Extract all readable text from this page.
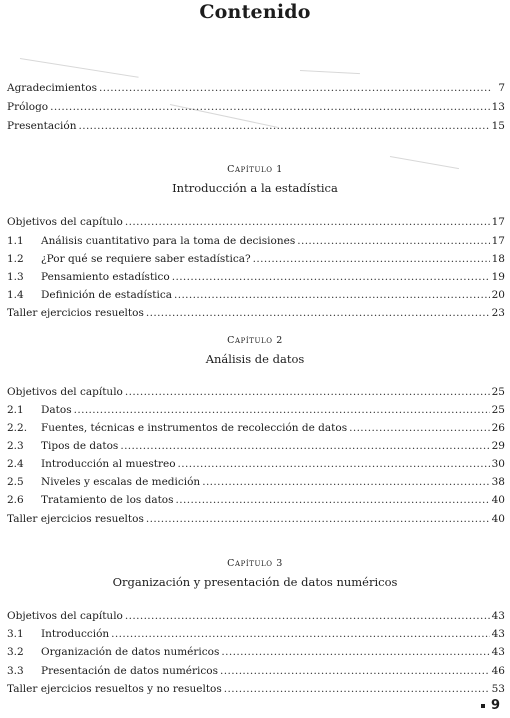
Contenido
Agradecimientos .....	7
Prólogo .....	13
Presentación .....	15
Capítulo 1
Introducción a la estadística
Objetivos del capítulo .....	17
1.1	Análisis cuantitativo para la toma de decisiones .....	17
1.2	¿Por qué se requiere saber estadística? .....	18
1.3	Pensamiento estadístico .....	19
1.4	Definición de estadística .....	20
Taller ejercicios resueltos .....	23
Capítulo 2
Análisis de datos
Objetivos del capítulo .....	25
2.1	Datos .....	25
2.2.	Fuentes, técnicas e instrumentos de recolección de datos .....	26
2.3	Tipos de datos .....	29
2.4	Introducción al muestreo .....	30
2.5	Niveles y escalas de medición .....	38
2.6	Tratamiento de los datos .....	40
Taller ejercicios resueltos .....	40
Capítulo 3
Organización y presentación de datos numéricos
Objetivos del capítulo .....	43
3.1	Introducción .....	43
3.2	Organización de datos numéricos .....	43
3.3	Presentación de datos numéricos .....	46
Taller ejercicios resueltos y no resueltos .....	53
9
